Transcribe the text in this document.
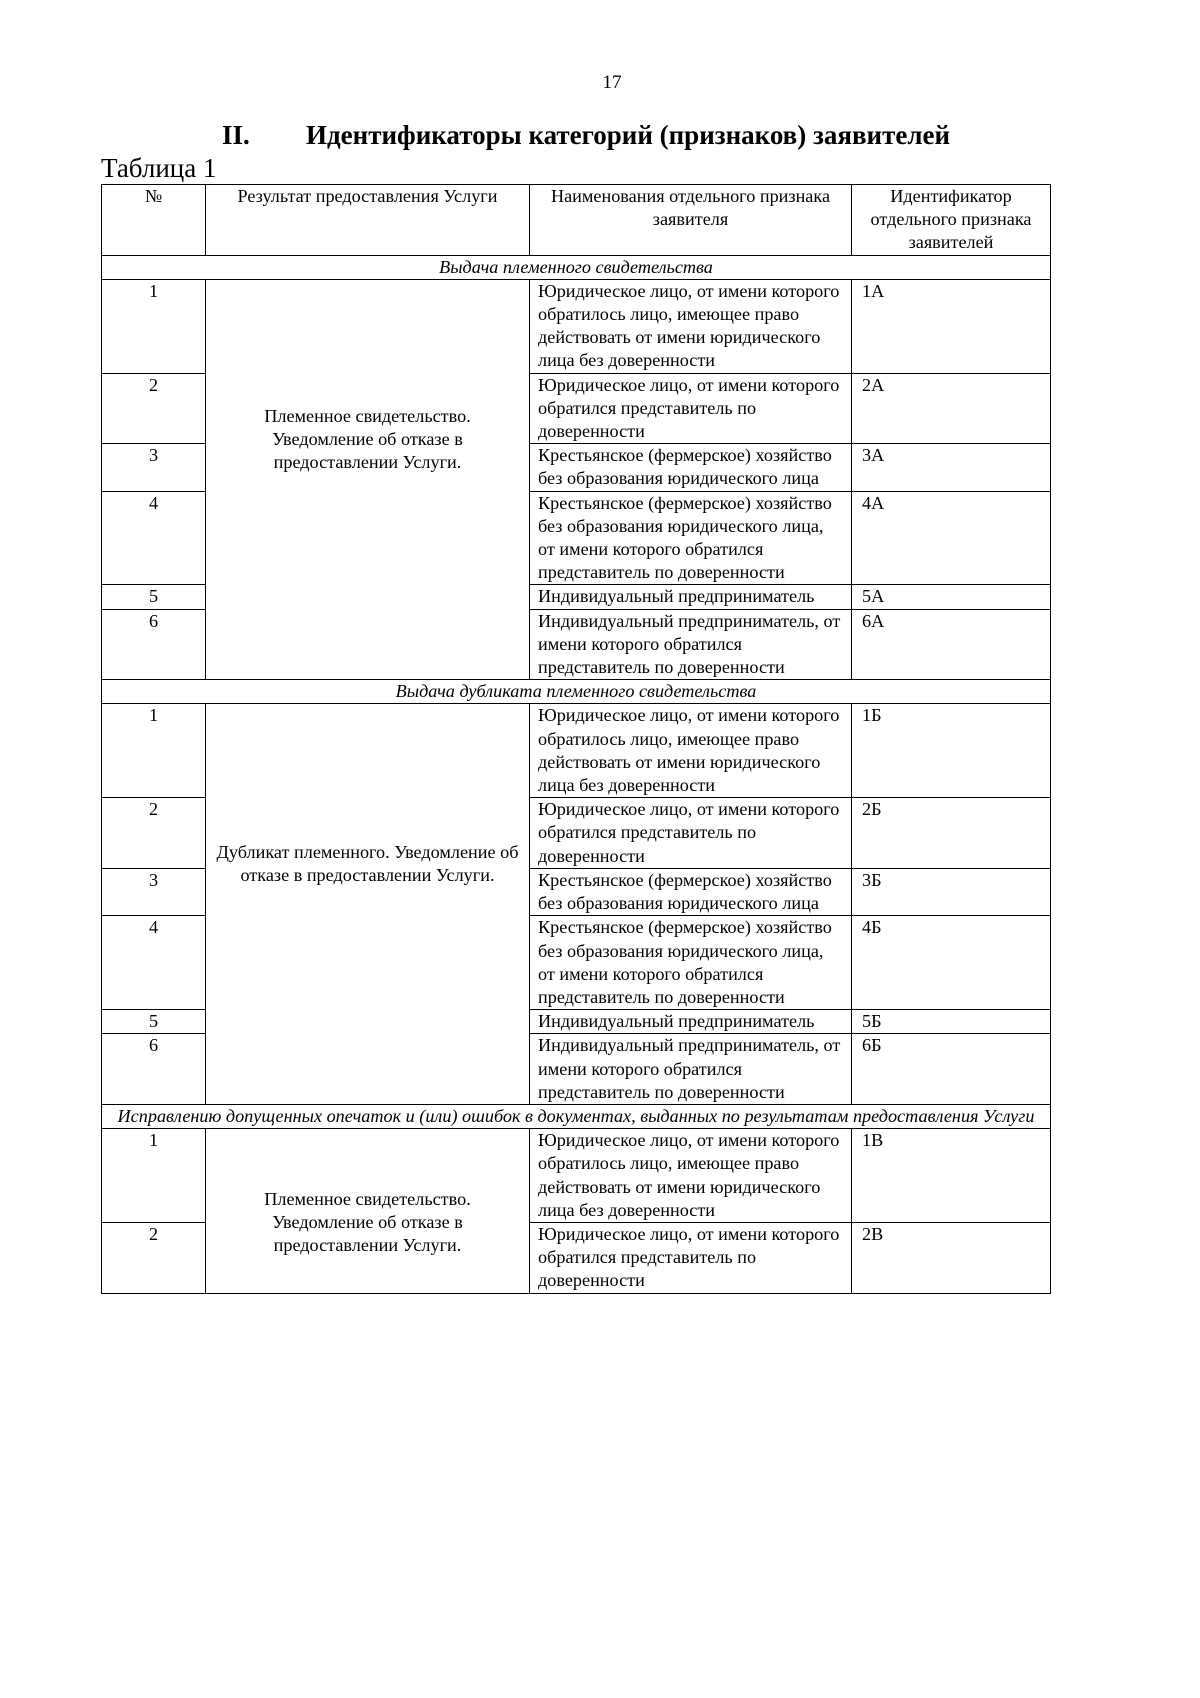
17
II. Идентификаторы категорий (признаков) заявителей
Таблица 1
№	Результат предоставления Услуги	Наименования отдельного признака заявителя	Идентификатор отдельного признака заявителей
Выдача племенного свидетельства			
1	Племенное свидетельство. Уведомление об отказе в предоставлении Услуги.	Юридическое лицо, от имени которого обратилось лицо, имеющее право действовать от имени юридического лица без доверенности	1А
2		Юридическое лицо, от имени которого обратился представитель по доверенности	2А
3		Крестьянское (фермерское) хозяйство без образования юридического лица	3А
4		Крестьянское (фермерское) хозяйство без образования юридического лица, от имени которого обратился представитель по доверенности	4А
5		Индивидуальный предприниматель	5А
6		Индивидуальный предприниматель, от имени которого обратился представитель по доверенности	6А
Выдача дубликата племенного свидетельства			
1	Дубликат племенного. Уведомление об отказе в предоставлении Услуги.	Юридическое лицо, от имени которого обратилось лицо, имеющее право действовать от имени юридического лица без доверенности	1Б
2		Юридическое лицо, от имени которого обратился представитель по доверенности	2Б
3		Крестьянское (фермерское) хозяйство без образования юридического лица	3Б
4		Крестьянское (фермерское) хозяйство без образования юридического лица, от имени которого обратился представитель по доверенности	4Б
5		Индивидуальный предприниматель	5Б
6		Индивидуальный предприниматель, от имени которого обратился представитель по доверенности	6Б
Исправлению допущенных опечаток и (или) ошибок в документах, выданных по результатам предоставления Услуги			
1	Племенное свидетельство. Уведомление об отказе в предоставлении Услуги.	Юридическое лицо, от имени которого обратилось лицо, имеющее право действовать от имени юридического лица без доверенности	1В
2		Юридическое лицо, от имени которого обратился представитель по доверенности	2В
